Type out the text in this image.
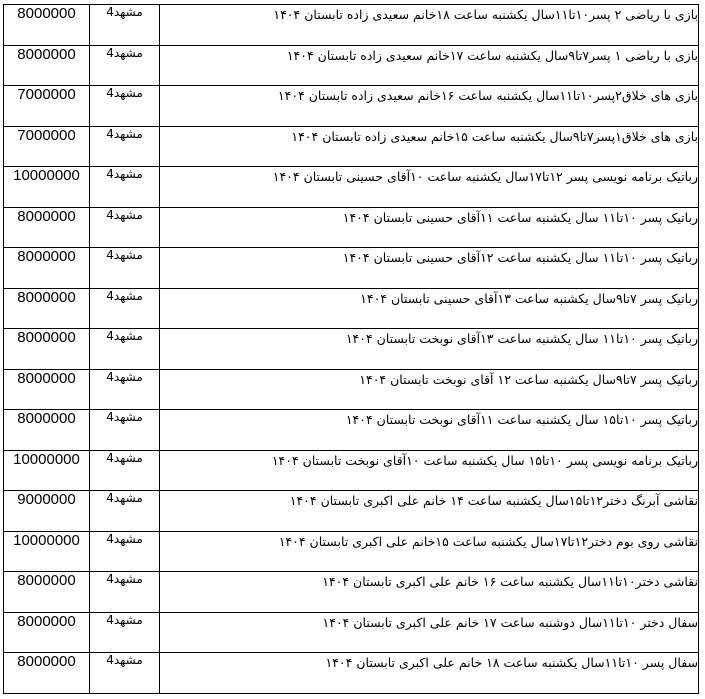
8000000	مشهد4	بازی با ریاضی ۲ پسر۱۰تا۱۱سال یکشنبه ساعت ۱۸خانم سعیدی زاده تابستان ۱۴۰۴
8000000	مشهد4	بازی با ریاضی ۱ پسر۷تا۹سال یکشنبه ساعت ۱۷خانم سعیدی زاده تابستان ۱۴۰۴
7000000	مشهد4	بازی های خلاق۲پسر۱۰تا۱۱سال یکشنبه ساعت ۱۶خانم سعیدی زاده تابستان ۱۴۰۴
7000000	مشهد4	بازی های خلاق۱پسر۷تا۹سال یکشنبه ساعت ۱۵خانم سعیدی زاده تابستان ۱۴۰۴
10000000	مشهد4	رباتیک برنامه نویسی پسر ۱۲تا۱۷سال یکشنبه ساعت ۱۰آقای حسینی تابستان ۱۴۰۴
8000000	مشهد4	رباتیک پسر ۱۰تا۱۱ سال یکشنبه ساعت ۱۱آقای حسینی تابستان ۱۴۰۴
8000000	مشهد4	رباتیک پسر ۱۰تا۱۱ سال یکشنبه ساعت ۱۲آقای حسینی تابستان ۱۴۰۴
8000000	مشهد4	رباتیک پسر ۷تا۹سال یکشنبه ساعت ۱۳آقای حسینی تابستان ۱۴۰۴
8000000	مشهد4	رباتیک پسر ۱۰تا۱۱ سال یکشنبه ساعت ۱۳آقای نوبخت تابستان ۱۴۰۴
8000000	مشهد4	رباتیک پسر ۷تا۹سال یکشنبه ساعت ۱۲ آقای نوبخت تابستان ۱۴۰۴
8000000	مشهد4	رباتیک پسر ۱۰تا۱۵ سال یکشنبه ساعت ۱۱آقای نوبخت تابستان ۱۴۰۴
10000000	مشهد4	رباتیک برنامه نویسی پسر ۱۰تا۱۵ سال یکشنبه ساعت ۱۰آقای نوبخت تابستان ۱۴۰۴
9000000	مشهد4	نقاشی آبرنگ دختر۱۲تا۱۵سال یکشنبه ساعت ۱۴ خانم علی اکبری تابستان ۱۴۰۴
10000000	مشهد4	نقاشی روی بوم دختر۱۲تا۱۷سال یکشنبه ساعت ۱۵خانم علی اکبری تابستان ۱۴۰۴
8000000	مشهد4	نقاشی دختر۱۰تا۱۱سال یکشنبه ساعت ۱۶ خانم علی اکبری تابستان ۱۴۰۴
8000000	مشهد4	سفال دختر ۱۰تا۱۱سال دوشنبه ساعت ۱۷ خانم علی اکبری تابستان ۱۴۰۴
8000000	مشهد4	سفال پسر ۱۰تا۱۱سال یکشنبه ساعت ۱۸ خانم علی اکبری تابستان ۱۴۰۴
